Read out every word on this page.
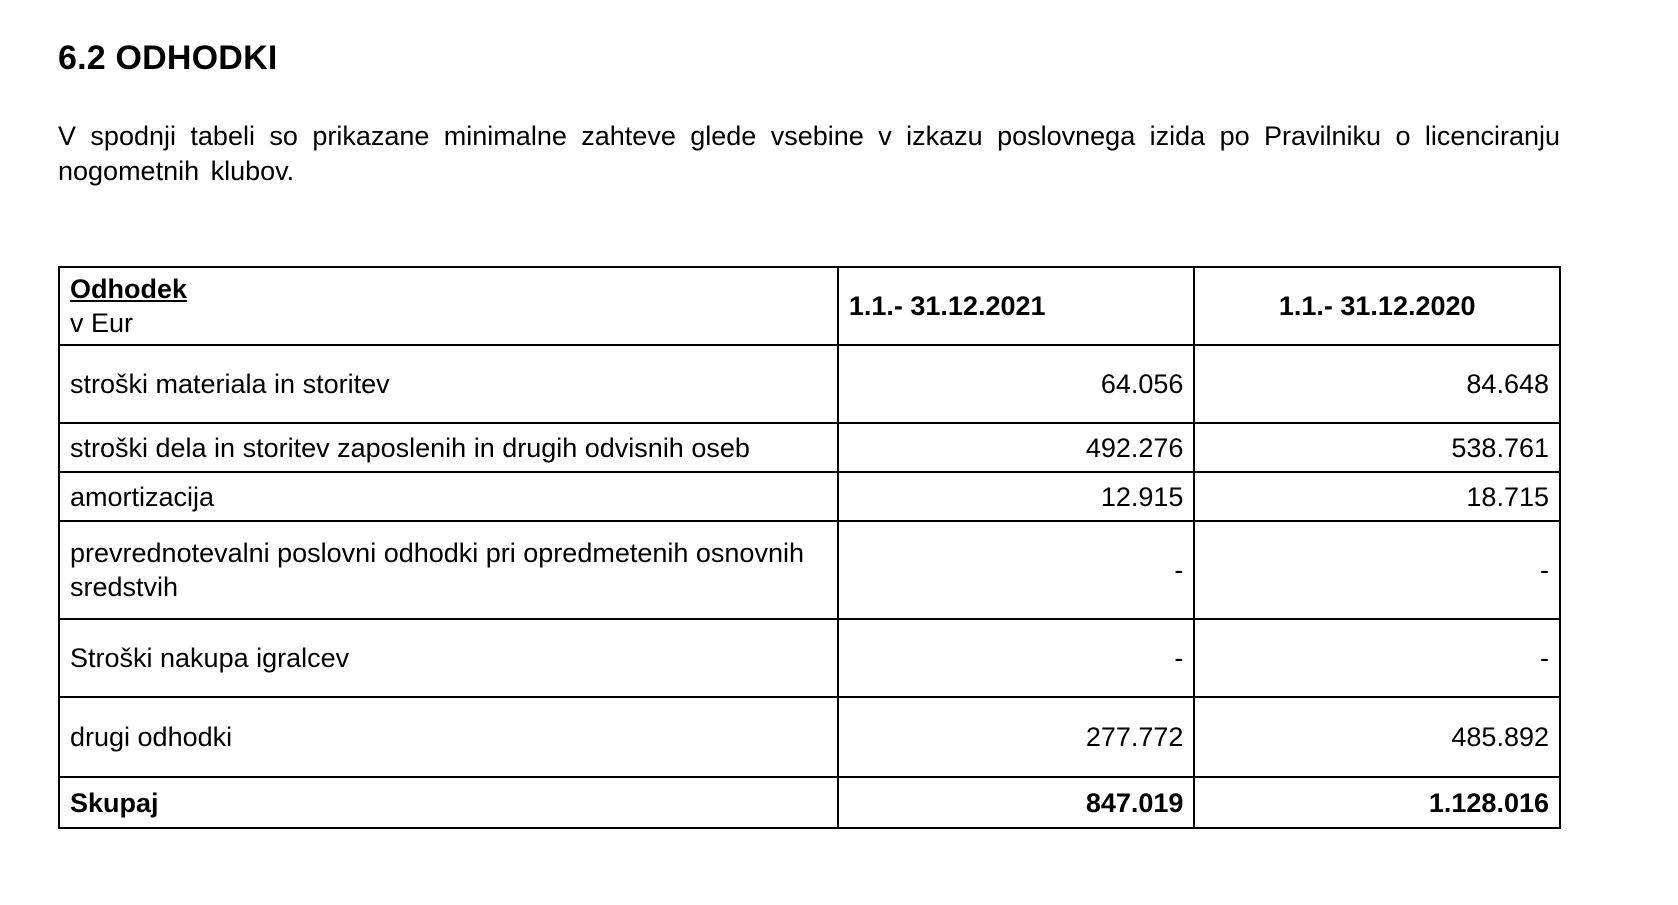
6.2 ODHODKI

V spodnji tabeli so prikazane minimalne zahteve glede vsebine v izkazu poslovnega izida po Pravilniku o licenciranju nogometnih klubov.

Odhodek
v Eur	1.1.- 31.12.2021	1.1.- 31.12.2020
stroški materiala in storitev	64.056	84.648
stroški dela in storitev zaposlenih in drugih odvisnih oseb	492.276	538.761
amortizacija	12.915	18.715
prevrednotevalni poslovni odhodki pri opredmetenih osnovnih sredstvih	-	-
Stroški nakupa igralcev	-	-
drugi odhodki	277.772	485.892
Skupaj	847.019	1.128.016
